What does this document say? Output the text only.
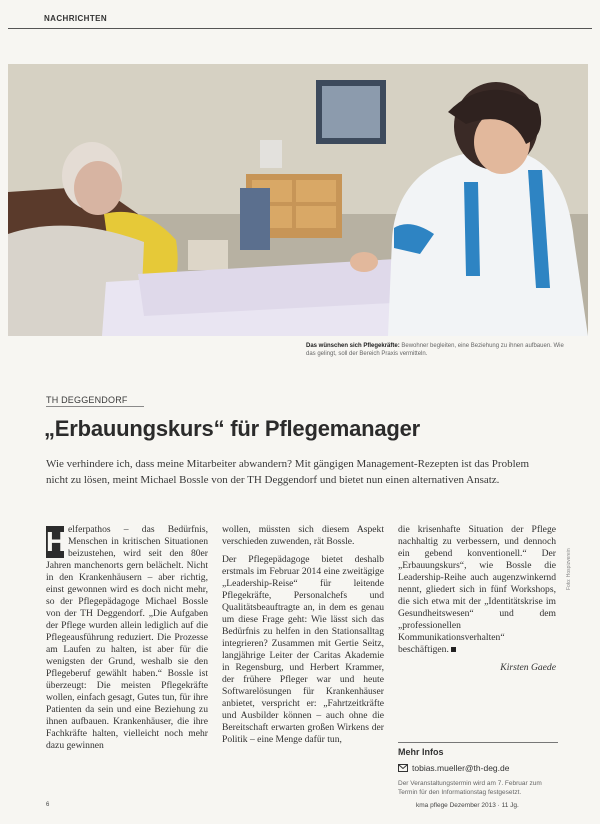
NACHRICHTEN
Das wünschen sich Pflegekräfte: Bewohner begleiten, eine Beziehung zu ihnen aufbauen. Wie das gelingt, soll der Bereich Praxis vermitteln.
TH DEGGENDORF
„Erbauungskurs“ für Pflegemanager
Wie verhindere ich, dass meine Mitarbeiter abwandern? Mit gängigen Management-Rezepten ist das Problem nicht zu lösen, meint Michael Bossle von der TH Deggendorf und bietet nun einen alternativen Ansatz.

H elferpathos – das Bedürfnis, Menschen in kritischen Situationen beizustehen, wird seit den 80er Jahren manchenorts gern belächelt. Nicht in den Krankenhäusern – aber richtig, einst gewonnen wird es doch nicht mehr, so der Pflegepädagoge Michael Bossle von der TH Deggendorf. „Die Aufgaben der Pflege wurden allein lediglich auf die Pflegeausführung reduziert. Die Prozesse am Laufen zu halten, ist aber für die wenigsten der Grund, weshalb sie den Pflegeberuf gewählt haben.“ Bossle ist überzeugt: Die meisten Pflegekräfte wollen, einfach gesagt, Gutes tun, für ihre Patienten da sein und eine Beziehung zu ihnen aufbauen. Krankenhäuser, die ihre Fachkräfte halten, vielleicht noch mehr dazu gewinnen

wollen, müssten sich diesem Aspekt verschieden zuwenden, rät Bossle.

Der Pflegepädagoge bietet deshalb erstmals im Februar 2014 eine zweitägige „Leadership-Reise“ für leitende Pflegekräfte, Personalchefs und Qualitätsbeauftragte an, in dem es genau um diese Frage geht: Wie lässt sich das Bedürfnis zu helfen in den Stationsalltag integrieren? Zusammen mit Gertie Seitz, langjährige Leiter der Caritas Akademie in Regensburg, und Herbert Krammer, der frühere Pfleger war und heute Softwarelösungen für Krankenhäuser anbietet, verspricht er: „Fahrtzeitkräfte und Ausbilder können – auch ohne die Bereitschaft erwarten großen Wirkens der Politik – eine Menge dafür tun,

die krisenhafte Situation der Pflege nachhaltig zu verbessern, und dennoch ein gebend konventionell.“ Der „Erbauungskurs“, wie Bossle die Leadership-Reihe auch augenzwinkernd nennt, gliedert sich in fünf Workshops, die sich etwa mit der „Identitätskrise im Gesundheitswesen“ und dem „professionellen Kommunikationsverhalten“ beschäftigen.

Kirsten Gaede

Foto: Hospizverein
Mehr Infos
tobias.mueller@th-deg.de
Der Veranstaltungstermin wird am 7. Februar zum Termin für den Informationstag festgesetzt.
6	kma pflege Dezember 2013 · 11 Jg.
